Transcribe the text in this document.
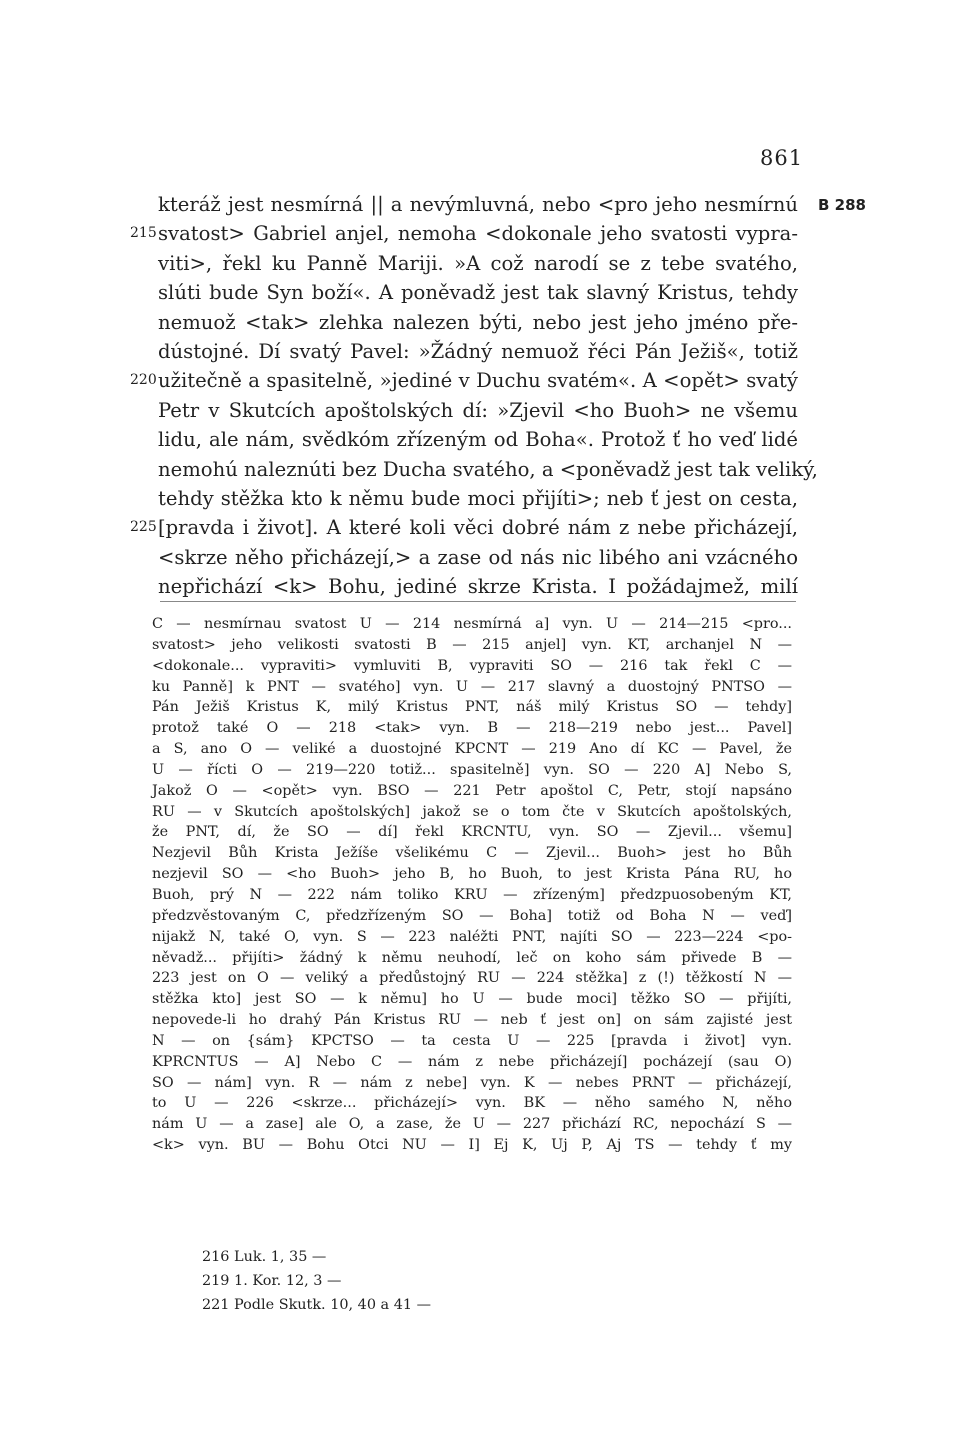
861
kteráž jest nesmírná || a nevýmluvná, nebo <pro jeho nesmírnú B 288
215 svatost> Gabriel anjel, nemoha <dokonale jeho svatosti vypra-
viti>, řekl ku Panně Mariji. »A což narodí se z tebe svatého,
slúti bude Syn boží«. A poněvadž jest tak slavný Kristus, tehdy
nemuož <tak> zlehka nalezen býti, nebo jest jeho jméno pře-
dústojné. Dí svatý Pavel: »Žádný nemuož řéci Pán Ježiš«, totiž
220 užitečně a spasitelně, »jediné v Duchu svatém«. A <opět> svatý
Petr v Skutcích apoštolských dí: »Zjevil <ho Buoh> ne všemu
lidu, ale nám, svědkóm zřízeným od Boha«. Protož ť ho veď lidé
nemohú naleznúti bez Ducha svatého, a <poněvadž jest tak veliký,
tehdy stěžka kto k němu bude moci přijíti>; neb ť jest on cesta,
225 [pravda i život]. A které koli věci dobré nám z nebe přicházejí,
<skrze něho přicházejí,> a zase od nás nic libého ani vzácného
nepřichází <k> Bohu, jediné skrze Krista. I požádajmež, milí
C — nesmírnau svatost U — 214 nesmírná a] vyn. U — 214—215 <pro...
svatost> jeho velikosti svatosti B — 215 anjel] vyn. KT, archanjel N —
<dokonale... vypraviti> vymluviti B, vypraviti SO — 216 tak řekl C —
ku Panně] k PNT — svatého] vyn. U — 217 slavný a duostojný PNTSO —
Pán Ježiš Kristus K, milý Kristus PNT, náš milý Kristus SO — tehdy]
protož také O — 218 <tak> vyn. B — 218—219 nebo jest... Pavel]
a S, ano O — veliké a duostojné KPCNT — 219 Ano dí KC — Pavel, že
U — řícti O — 219—220 totiž... spasitelně] vyn. SO — 220 A] Nebo S,
Jakož O — <opět> vyn. BSO — 221 Petr apoštol C, Petr, stojí napsáno
RU — v Skutcích apoštolských] jakož se o tom čte v Skutcích apoštolských,
že PNT, dí, že SO — dí] řekl KRCNTU, vyn. SO — Zjevil... všemu]
Nezjevil Bůh Krista Ježíše všelikému C — Zjevil... Buoh> jest ho Bůh
nezjevil SO — <ho Buoh> jeho B, ho Buoh, to jest Krista Pána RU, ho
Buoh, prý N — 222 nám toliko KRU — zřízeným] předzpuosobeným KT,
předzvěstovaným C, předzřízeným SO — Boha] totiž od Boha N — veď]
nijakž N, také O, vyn. S — 223 naléžti PNT, najíti SO — 223—224 <po-
něvadž... přijíti> žádný k němu neuhodí, leč on koho sám přivede B —
223 jest on O — veliký a předůstojný RU — 224 stěžka] z (!) těžkostí N —
stěžka kto] jest SO — k němu] ho U — bude moci] těžko SO — přijíti,
nepovede-li ho drahý Pán Kristus RU — neb ť jest on] on sám zajisté jest
N — on {sám} KPCTSO — ta cesta U — 225 [pravda i život] vyn.
KPRCNTUS — A] Nebo C — nám z nebe přicházejí] pocházejí (sau O)
SO — nám] vyn. R — nám z nebe] vyn. K — nebes PRNT — přicházejí,
to U — 226 <skrze... přicházejí> vyn. BK — něho samého N, něho
nám U — a zase] ale O, a zase, že U — 227 přichází RC, nepochází S —
<k> vyn. BU — Bohu Otci NU — I] Ej K, Uj P, Aj TS — tehdy ť my
216 Luk. 1, 35 —
219 1. Kor. 12, 3 —
221 Podle Skutk. 10, 40 a 41 —
